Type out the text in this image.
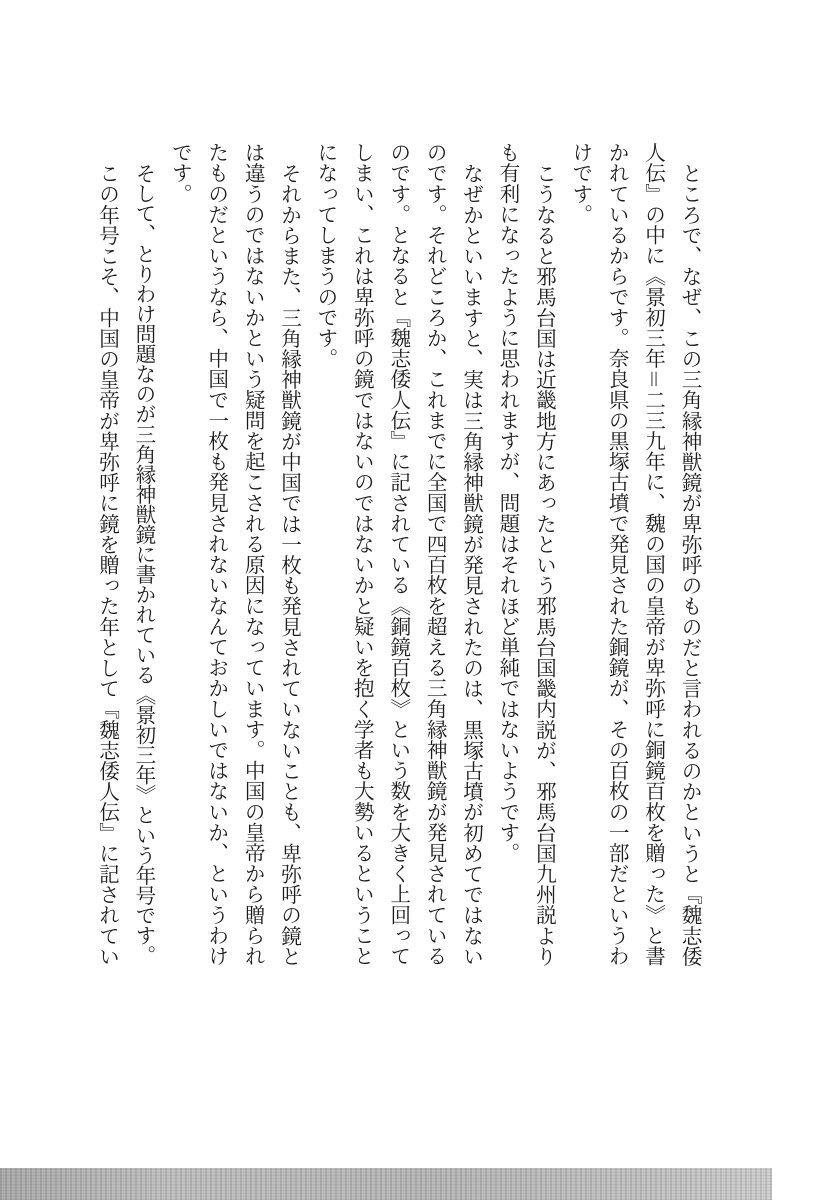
ところで、なぜ、この三角縁神獣鏡が卑弥呼のものだと言われるのかというと『魏志倭
人伝』の中に《景初三年＝二三九年に、魏の国の皇帝が卑弥呼に銅鏡百枚を贈った》と書
かれているからです。奈良県の黒塚古墳で発見された銅鏡が、その百枚の一部だというわ
けです。
こうなると邪馬台国は近畿地方にあったという邪馬台国畿内説が、邪馬台国九州説より
も有利になったように思われますが、問題はそれほど単純ではないようです。
なぜかといいますと、実は三角縁神獣鏡が発見されたのは、黒塚古墳が初めてではない
のです。それどころか、これまでに全国で四百枚を超える三角縁神獣鏡が発見されている
のです。となると『魏志倭人伝』に記されている《銅鏡百枚》という数を大きく上回って
しまい、これは卑弥呼の鏡ではないのではないかと疑いを抱く学者も大勢いるということ
になってしまうのです。
それからまた、三角縁神獣鏡が中国では一枚も発見されていないことも、卑弥呼の鏡と
は違うのではないかという疑問を起こされる原因になっています。中国の皇帝から贈られ
たものだというなら、中国で一枚も発見されないなんておかしいではないか、というわけ
です。
そして、とりわけ問題なのが三角縁神獣鏡に書かれている《景初三年》という年号です。
この年号こそ、中国の皇帝が卑弥呼に鏡を贈った年として『魏志倭人伝』に記されてい
